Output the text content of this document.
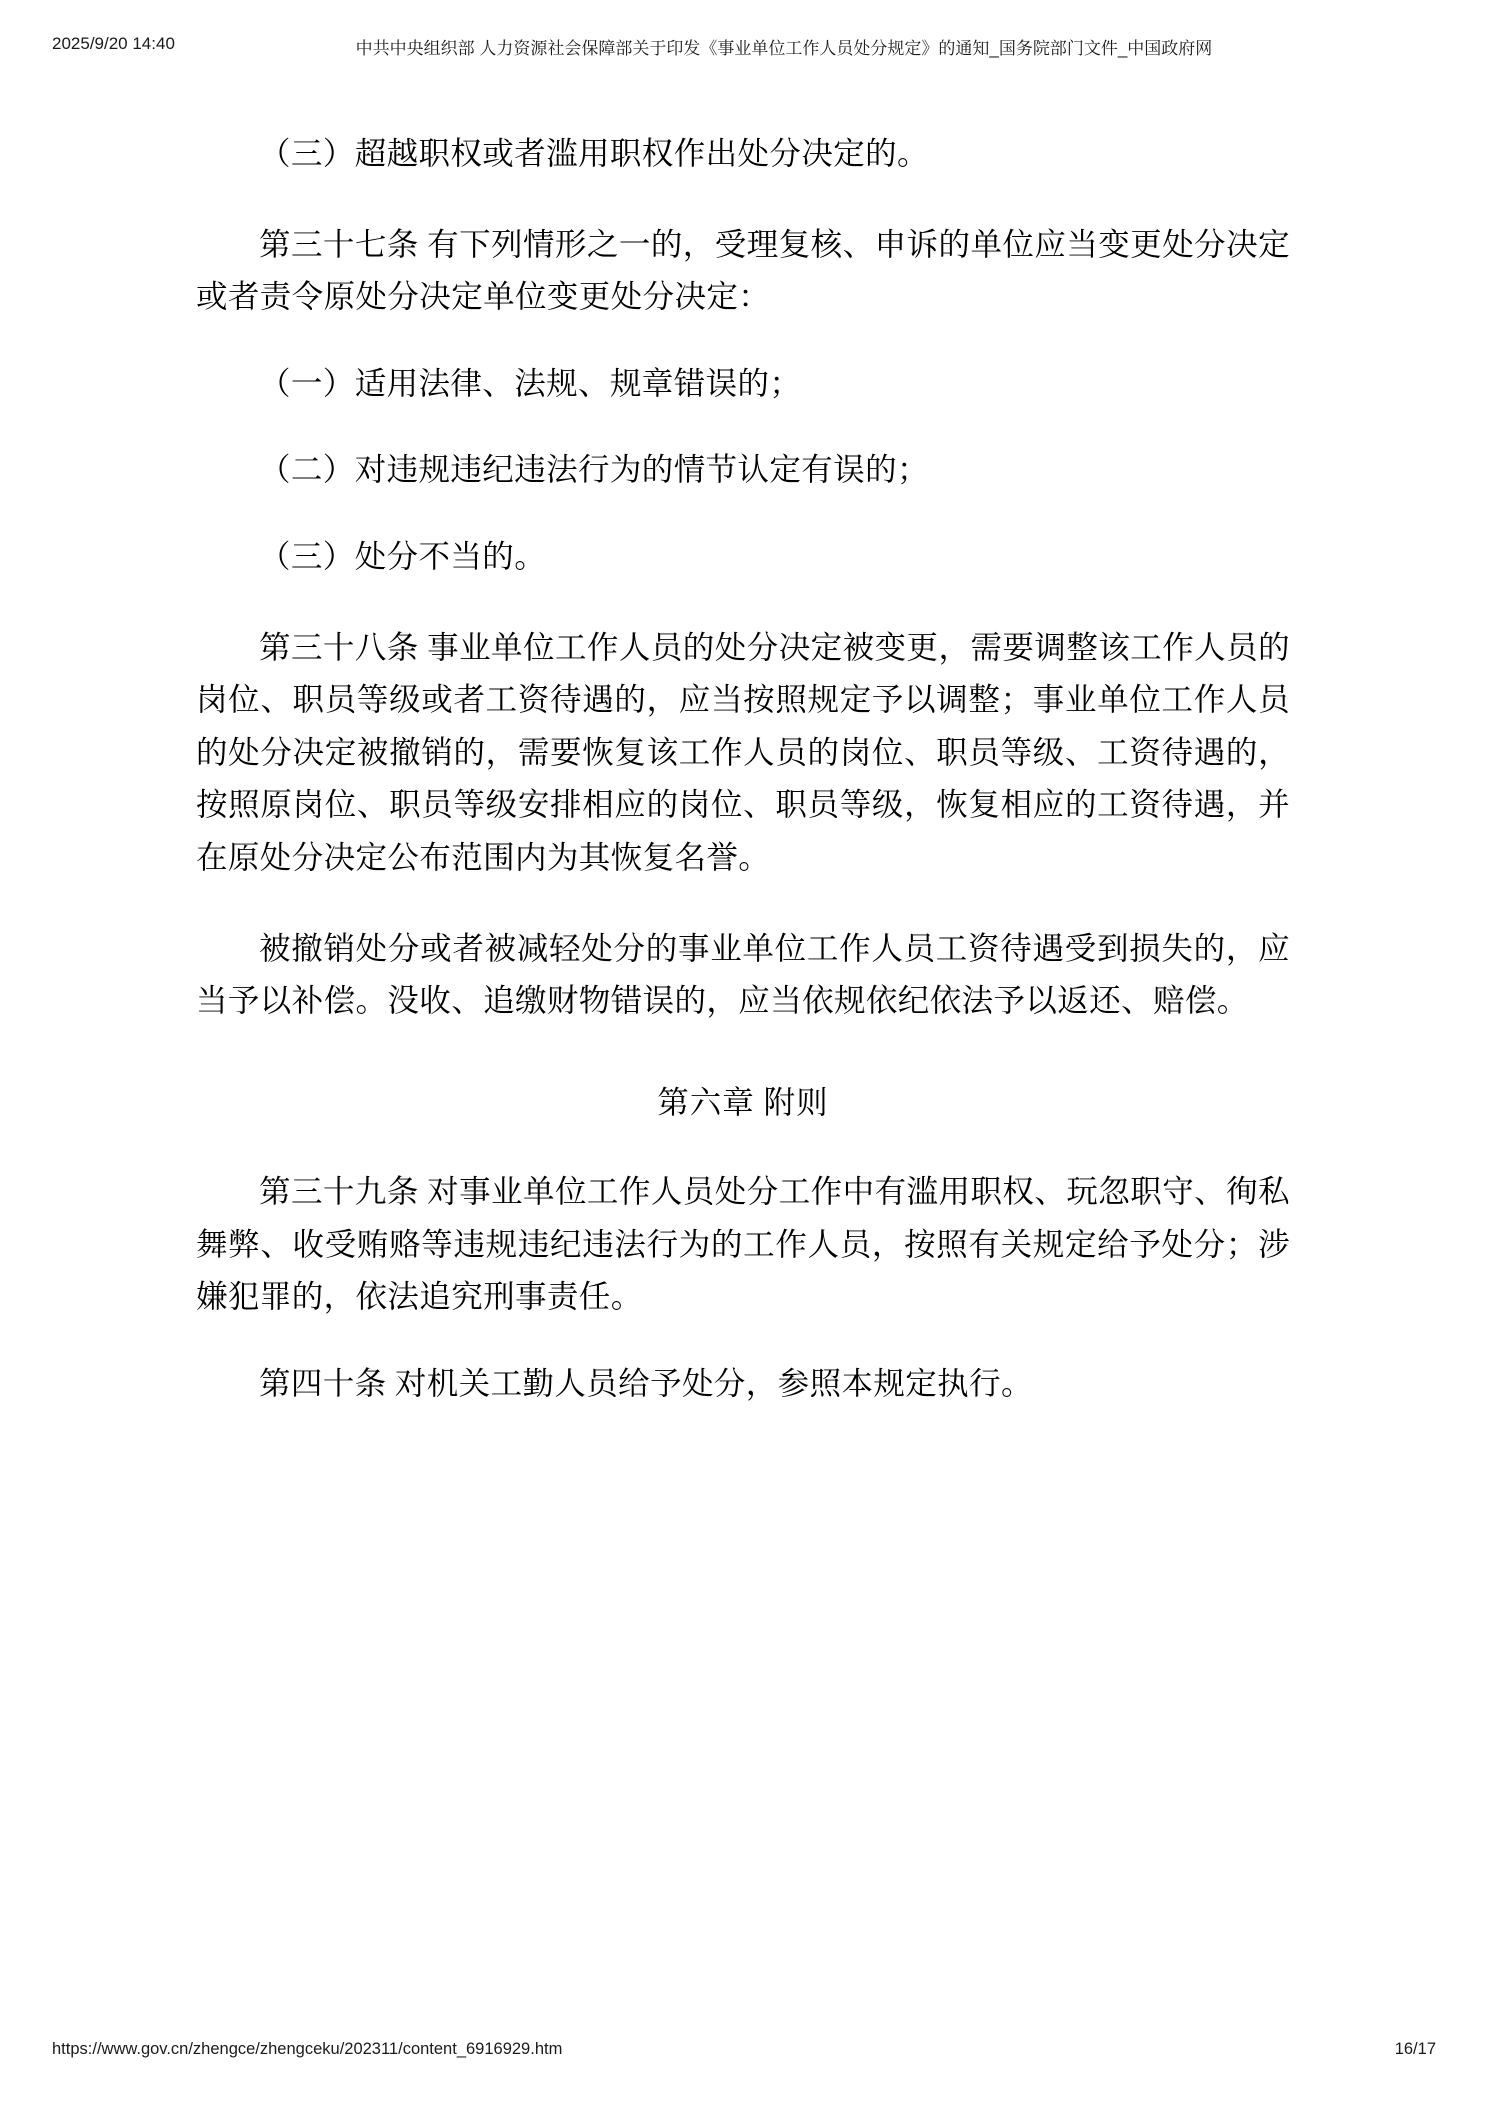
2025/9/20 14:40	中共中央组织部 人力资源社会保障部关于印发《事业单位工作人员处分规定》的通知_国务院部门文件_中国政府网

（三）超越职权或者滥用职权作出处分决定的。

第三十七条 有下列情形之一的，受理复核、申诉的单位应当变更处分决定或者责令原处分决定单位变更处分决定：

（一）适用法律、法规、规章错误的；

（二）对违规违纪违法行为的情节认定有误的；

（三）处分不当的。

第三十八条 事业单位工作人员的处分决定被变更，需要调整该工作人员的岗位、职员等级或者工资待遇的，应当按照规定予以调整；事业单位工作人员的处分决定被撤销的，需要恢复该工作人员的岗位、职员等级、工资待遇的，按照原岗位、职员等级安排相应的岗位、职员等级，恢复相应的工资待遇，并在原处分决定公布范围内为其恢复名誉。

被撤销处分或者被减轻处分的事业单位工作人员工资待遇受到损失的，应当予以补偿。没收、追缴财物错误的，应当依规依纪依法予以返还、赔偿。

第六章 附则

第三十九条 对事业单位工作人员处分工作中有滥用职权、玩忽职守、徇私舞弊、收受贿赂等违规违纪违法行为的工作人员，按照有关规定给予处分；涉嫌犯罪的，依法追究刑事责任。

第四十条 对机关工勤人员给予处分，参照本规定执行。

https://www.gov.cn/zhengce/zhengceku/202311/content_6916929.htm	16/17
